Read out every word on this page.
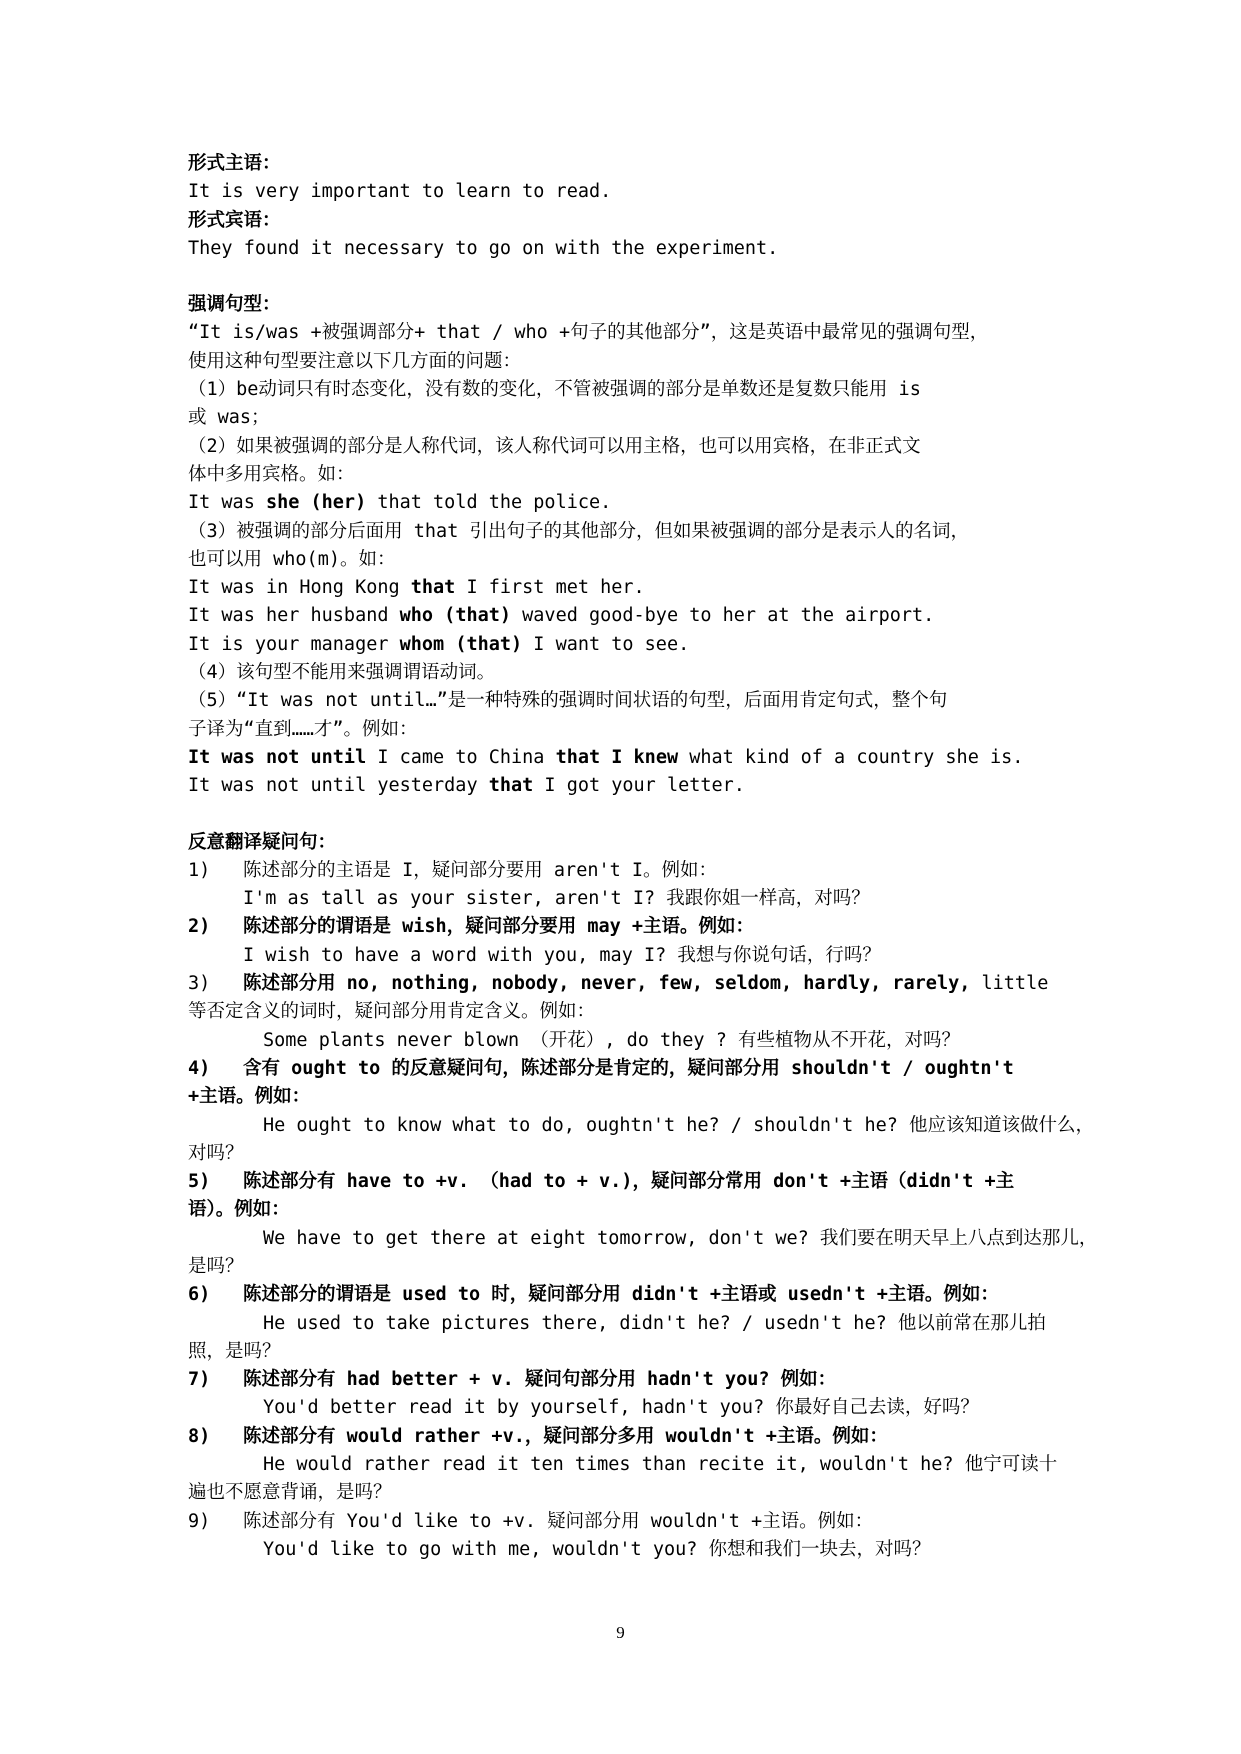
形式主语：
It is very important to learn to read.
形式宾语：
They found it necessary to go on with the experiment.
强调句型：
“It is/was +被强调部分+ that / who +句子的其他部分”，这是英语中最常见的强调句型，
使用这种句型要注意以下几方面的问题：
（1）be动词只有时态变化，没有数的变化，不管被强调的部分是单数还是复数只能用 is
或 was；
（2）如果被强调的部分是人称代词，该人称代词可以用主格，也可以用宾格，在非正式文
体中多用宾格。如：
It was she (her) that told the police.
（3）被强调的部分后面用 that 引出句子的其他部分，但如果被强调的部分是表示人的名词，
也可以用 who(m)。如：
It was in Hong Kong that I first met her.
It was her husband who (that) waved good-bye to her at the airport.
It is your manager whom (that) I want to see.
（4）该句型不能用来强调谓语动词。
（5）“It was not until…”是一种特殊的强调时间状语的句型，后面用肯定句式，整个句
子译为“直到……才”。例如：
It was not until I came to China that I knew what kind of a country she is.
It was not until yesterday that I got your letter.
反意翻译疑问句：
1) 陈述部分的主语是 I，疑问部分要用 aren't I。例如：
I'm as tall as your sister, aren't I? 我跟你姐一样高，对吗？
2) 陈述部分的谓语是 wish，疑问部分要用 may +主语。例如：
I wish to have a word with you, may I? 我想与你说句话，行吗？
3) 陈述部分用 no, nothing, nobody, never, few, seldom, hardly, rarely, little
等否定含义的词时，疑问部分用肯定含义。例如：
Some plants never blown （开花）, do they ? 有些植物从不开花，对吗？
4) 含有 ought to 的反意疑问句，陈述部分是肯定的，疑问部分用 shouldn't / oughtn't
+主语。例如：
He ought to know what to do, oughtn't he? / shouldn't he? 他应该知道该做什么，
对吗？
5) 陈述部分有 have to +v. （had to + v.)，疑问部分常用 don't +主语（didn't +主
语）。例如：
We have to get there at eight tomorrow, don't we? 我们要在明天早上八点到达那儿，
是吗？
6) 陈述部分的谓语是 used to 时，疑问部分用 didn't +主语或 usedn't +主语。例如：
He used to take pictures there, didn't he? / usedn't he? 他以前常在那儿拍
照，是吗？
7) 陈述部分有 had better + v. 疑问句部分用 hadn't you? 例如：
You'd better read it by yourself, hadn't you? 你最好自己去读，好吗？
8) 陈述部分有 would rather +v.，疑问部分多用 wouldn't +主语。例如：
He would rather read it ten times than recite it, wouldn't he? 他宁可读十
遍也不愿意背诵，是吗？
9) 陈述部分有 You'd like to +v. 疑问部分用 wouldn't +主语。例如：
You'd like to go with me, wouldn't you? 你想和我们一块去，对吗？
9
